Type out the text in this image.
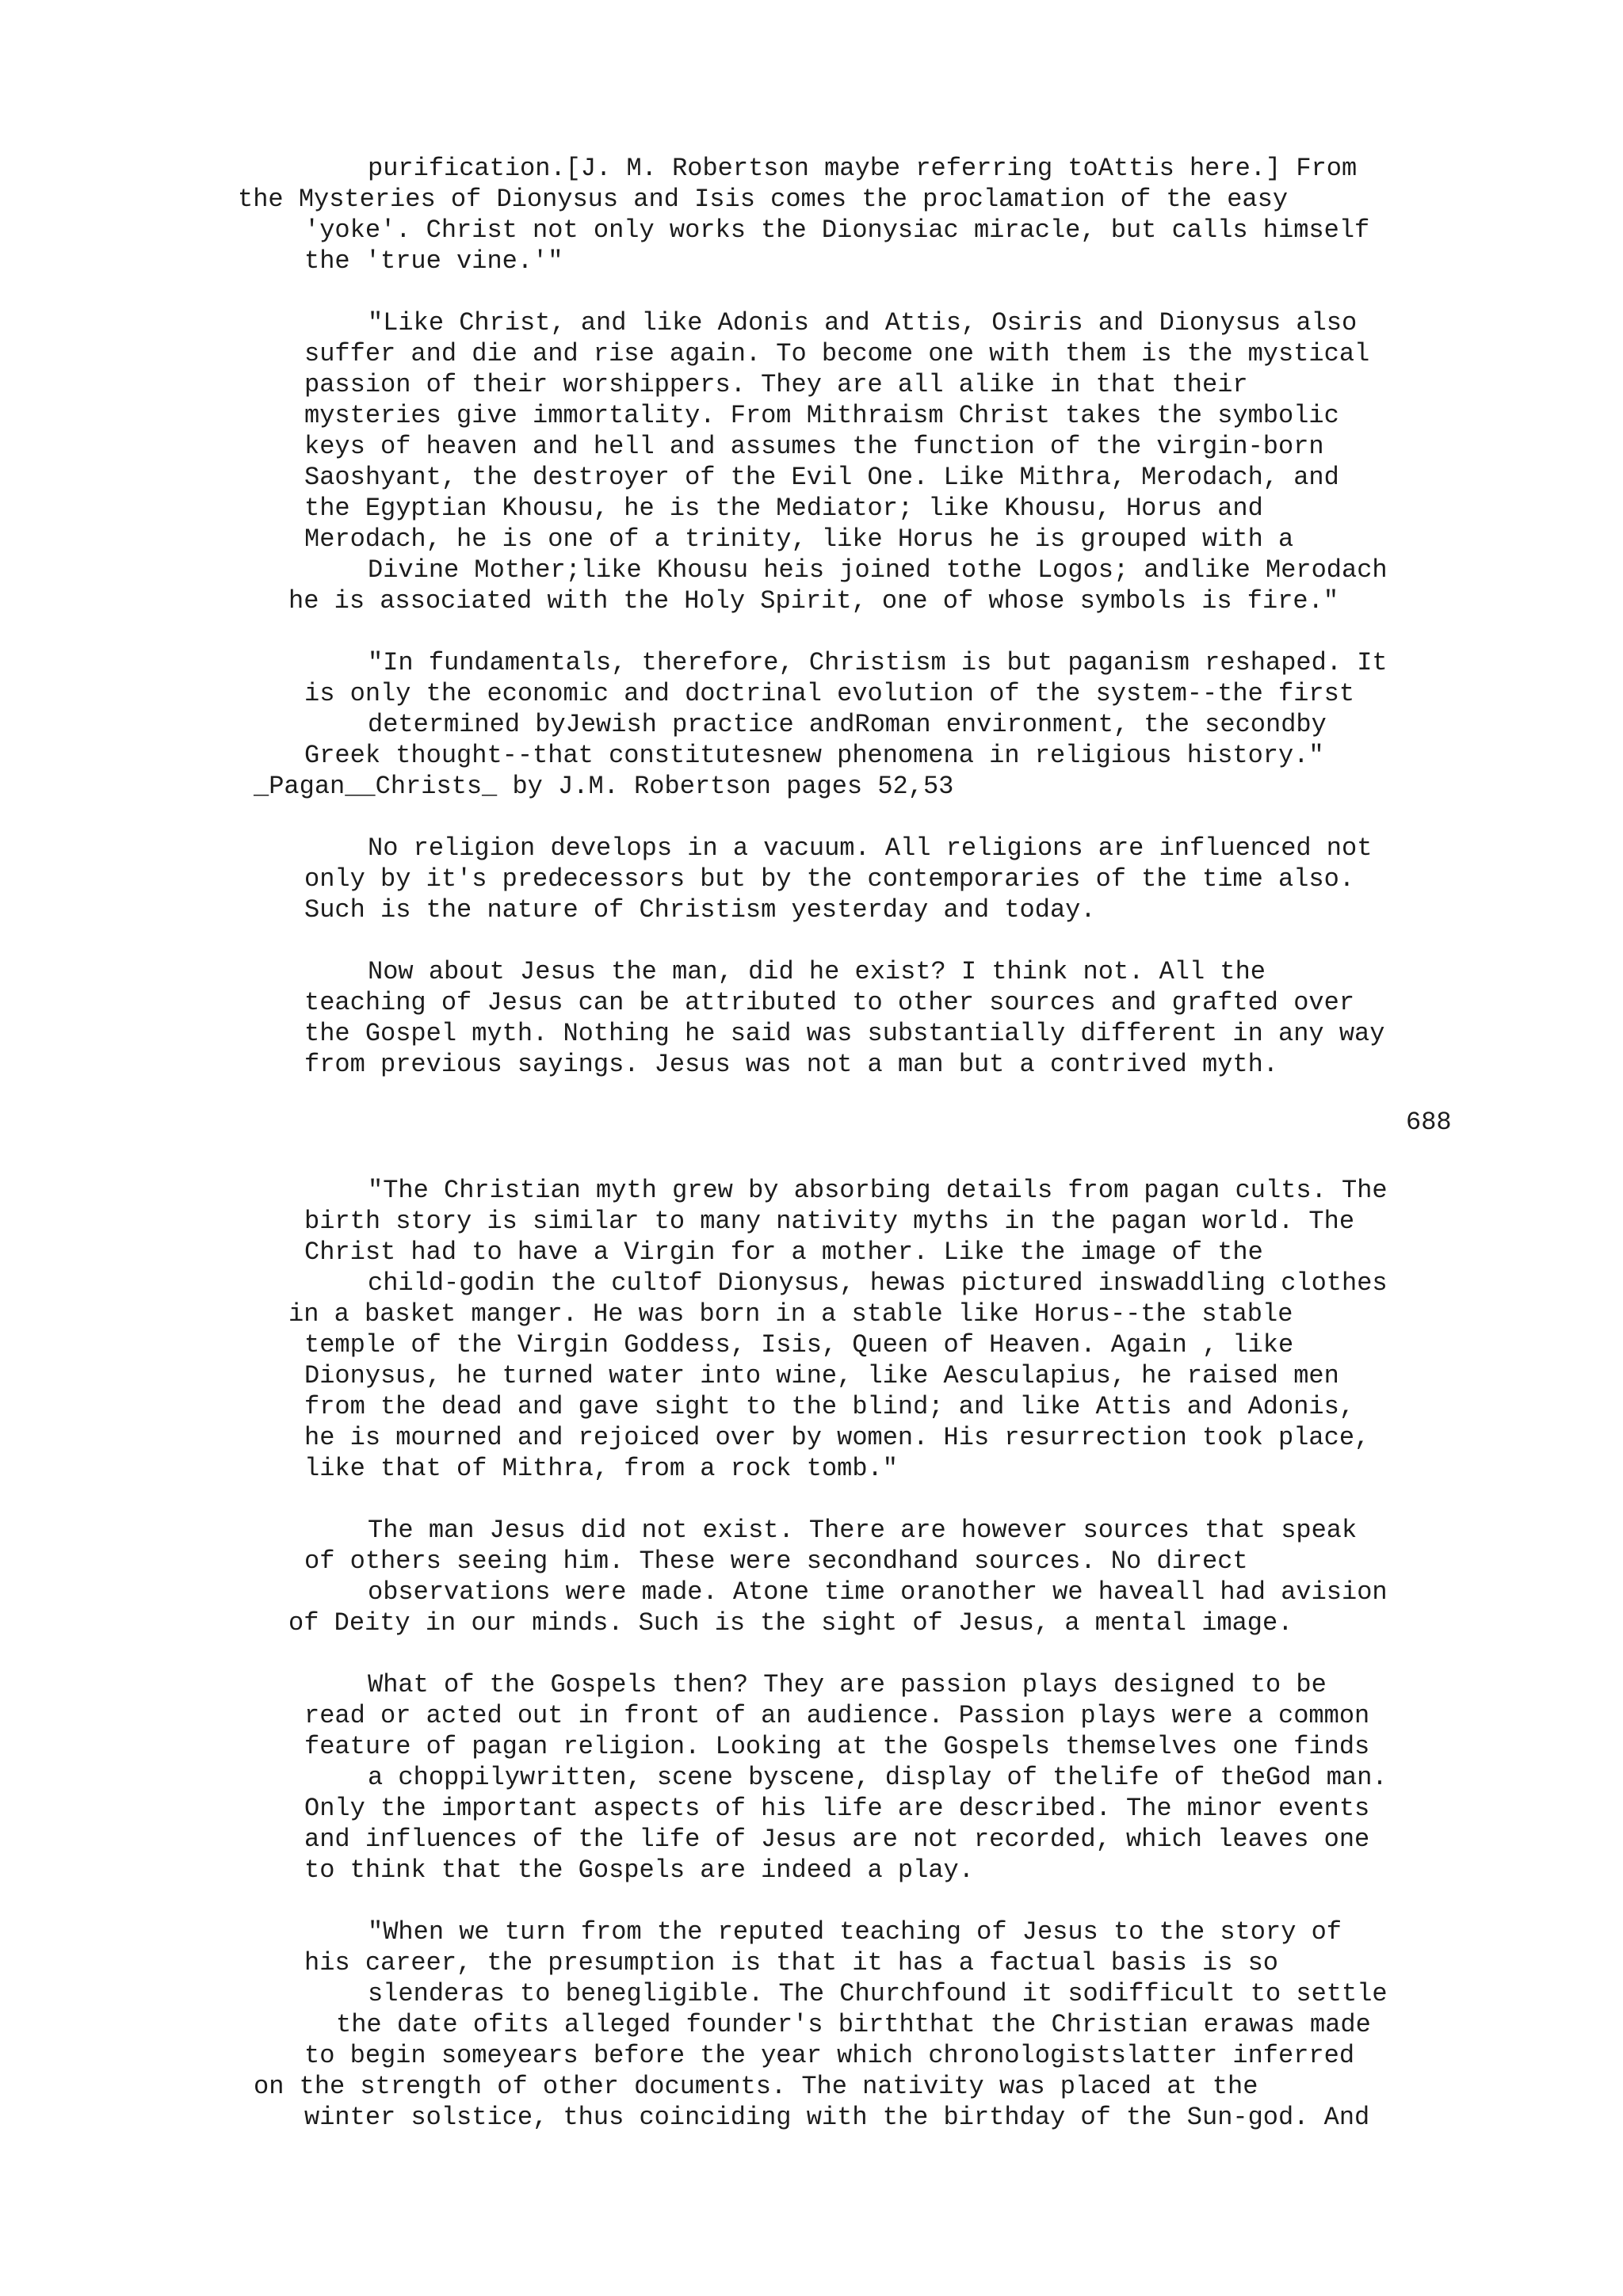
purification.[J. M. Robertson maybe referring toAttis here.] From

the Mysteries of Dionysus and Isis comes the proclamation of the easy

'yoke'. Christ not only works the Dionysiac miracle, but calls himself

the 'true vine.'"

"Like Christ, and like Adonis and Attis, Osiris and Dionysus also

suffer and die and rise again. To become one with them is the mystical

passion of their worshippers. They are all alike in that their

mysteries give immortality. From Mithraism Christ takes the symbolic

keys of heaven and hell and assumes the function of the virgin-born

Saoshyant, the destroyer of the Evil One. Like Mithra, Merodach, and

the Egyptian Khousu, he is the Mediator; like Khousu, Horus and

Merodach, he is one of a trinity, like Horus he is grouped with a

Divine Mother;like Khousu heis joined tothe Logos; andlike Merodach

he is associated with the Holy Spirit, one of whose symbols is fire."

"In fundamentals, therefore, Christism is but paganism reshaped. It

is only the economic and doctrinal evolution of the system--the first

determined byJewish practice andRoman environment, the secondby

Greek thought--that constitutesnew phenomena in religious history."

_Pagan__Christs_ by J.M. Robertson pages 52,53

No religion develops in a vacuum. All religions are influenced not

only by it's predecessors but by the contemporaries of the time also.

Such is the nature of Christism yesterday and today.

Now about Jesus the man, did he exist? I think not. All the

teaching of Jesus can be attributed to other sources and grafted over

the Gospel myth. Nothing he said was substantially different in any way

from previous sayings. Jesus was not a man but a contrived myth.

688

"The Christian myth grew by absorbing details from pagan cults. The

birth story is similar to many nativity myths in the pagan world. The

Christ had to have a Virgin for a mother. Like the image of the

child-godin the cultof Dionysus, hewas pictured inswaddling clothes

in a basket manger. He was born in a stable like Horus--the stable

temple of the Virgin Goddess, Isis, Queen of Heaven. Again , like

Dionysus, he turned water into wine, like Aesculapius, he raised men

from the dead and gave sight to the blind; and like Attis and Adonis,

he is mourned and rejoiced over by women. His resurrection took place,

like that of Mithra, from a rock tomb."

The man Jesus did not exist. There are however sources that speak

of others seeing him. These were secondhand sources. No direct

observations were made. Atone time oranother we haveall had avision

of Deity in our minds. Such is the sight of Jesus, a mental image.

What of the Gospels then? They are passion plays designed to be

read or acted out in front of an audience. Passion plays were a common

feature of pagan religion. Looking at the Gospels themselves one finds

a choppilywritten, scene byscene, display of thelife of theGod man.

Only the important aspects of his life are described. The minor events

and influences of the life of Jesus are not recorded, which leaves one

to think that the Gospels are indeed a play.

"When we turn from the reputed teaching of Jesus to the story of

his career, the presumption is that it has a factual basis is so

slenderas to benegligible. The Churchfound it sodifficult to settle

the date ofits alleged founder's birththat the Christian erawas made

to begin someyears before the year which chronologistslatter inferred

on the strength of other documents. The nativity was placed at the

winter solstice, thus coinciding with the birthday of the Sun-god. And
